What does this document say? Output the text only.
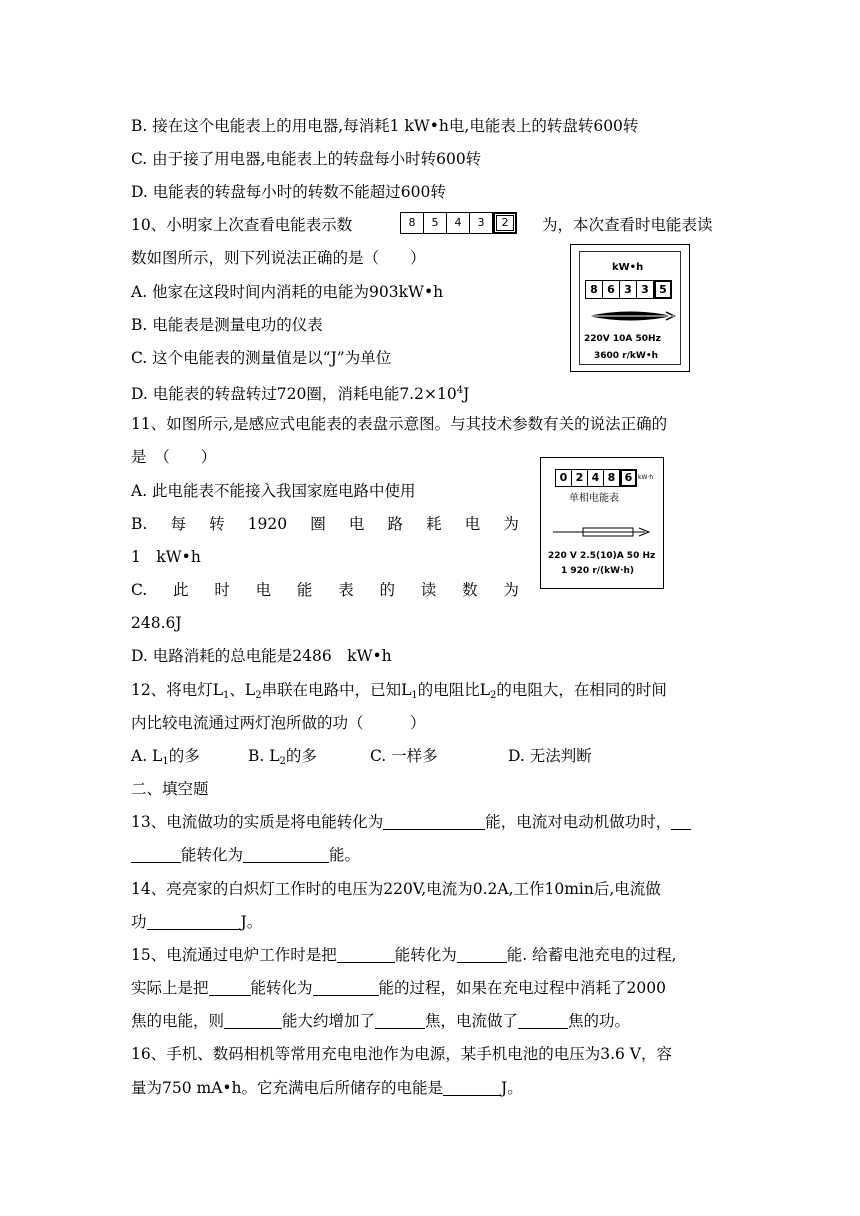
B. 接在这个电能表上的用电器,每消耗1 kW•h电,电能表上的转盘转600转
C. 由于接了用电器,电能表上的转盘每小时转600转
D. 电能表的转盘每小时的转数不能超过600转
10、小明家上次查看电能表示数	8	5	4	3	2	为，本次查看时电能表读
数如图所示，则下列说法正确的是（　　）
A. 他家在这段时间内消耗的电能为903kW•h
B. 电能表是测量电功的仪表
C. 这个电能表的测量值是以“J”为单位
D. 电能表的转盘转过720圈，消耗电能$7.2\times 10^4J$
kW•h
8 6 3 3 5
220V 10A 50Hz
3600 r/kW•h
11、如图所示,是感应式电能表的表盘示意图。与其技术参数有关的说法正确的
是　（　　）
A. 此电能表不能接入我国家庭电路中使用
B. 每 转 1920 圈 电 路 耗 电 为
1　kW•h
C. 此 时 电 能 表 的 读 数 为
248.6J
D. 电路消耗的总电能是2486　kW•h
0 2 4 8 6 kW·h
单相电能表
220 V 2.5(10)A 50 Hz
1 920 r/(kW·h)
12、将电灯$L_1$、$L_2$串联在电路中，已知$L_1$的电阻比$L_2$的电阻大，在相同的时间
内比较电流通过两灯泡所做的功（　　　）
A. $L_1$的多	B. $L_2$的多	C. 一样多	D. 无法判断
二、填空题
13、电流做功的实质是将电能转化为	能，电流对电动机做功时，
能转化为	能。
14、亮亮家的白炽灯工作时的电压为220V,电流为0.2A,工作10min后,电流做
功	J。
15、电流通过电炉工作时是把	能转化为	能. 给蓄电池充电的过程,
实际上是把	能转化为	能的过程，如果在充电过程中消耗了2000
焦的电能，则	能大约增加了	焦，电流做了	焦的功。
16、手机、数码相机等常用充电电池作为电源，某手机电池的电压为3.6 V，容
量为750 mA•h。它充满电后所储存的电能是	J。
